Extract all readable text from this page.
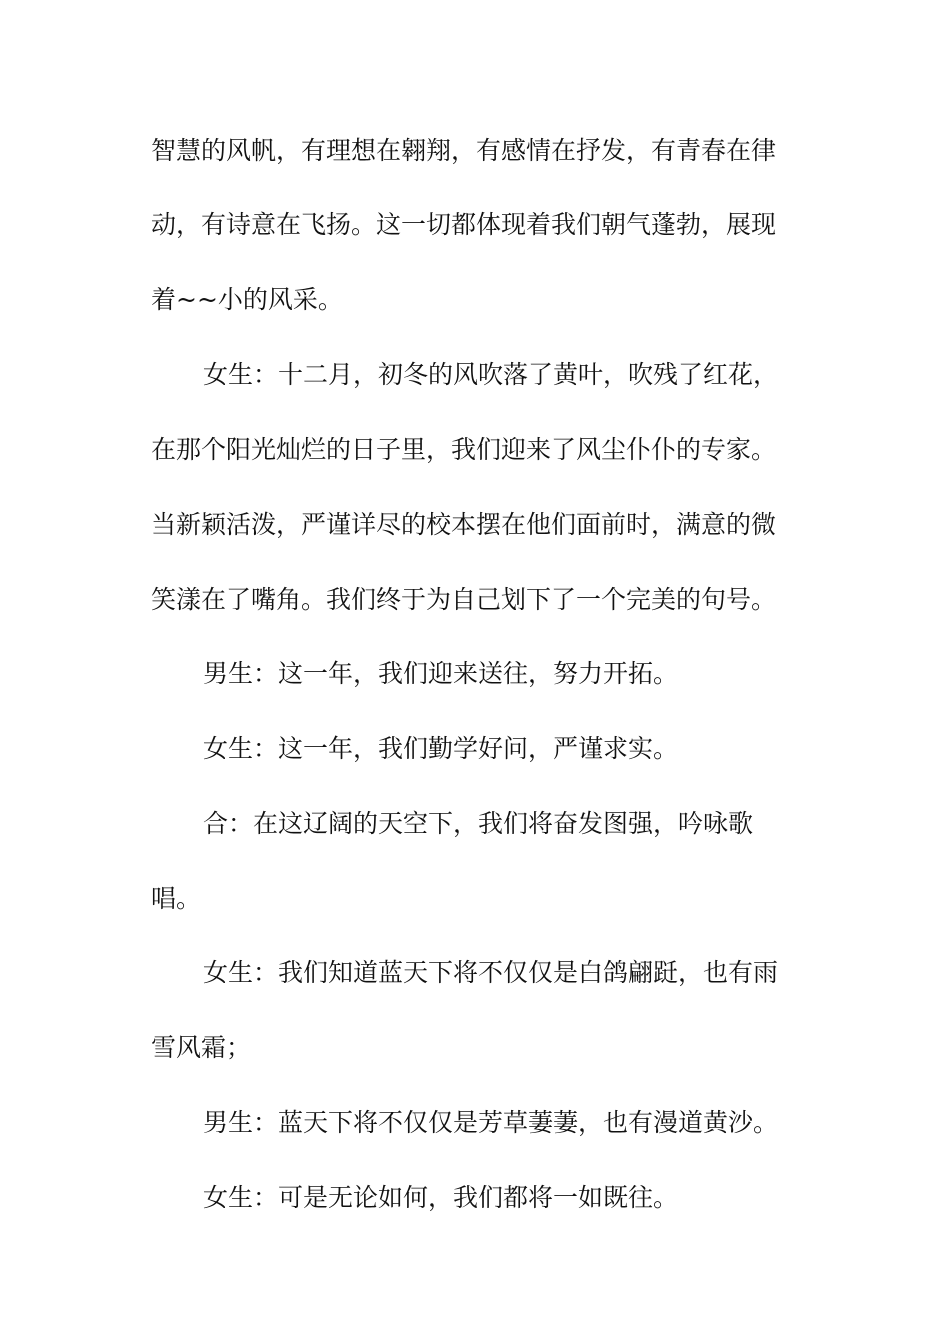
智慧的风帆，有理想在翱翔，有感情在抒发，有青春在律

动，有诗意在飞扬。这一切都体现着我们朝气蓬勃，展现

着~~小的风采。

女生：十二月，初冬的风吹落了黄叶，吹残了红花，

在那个阳光灿烂的日子里，我们迎来了风尘仆仆的专家。

当新颖活泼，严谨详尽的校本摆在他们面前时，满意的微

笑漾在了嘴角。我们终于为自己划下了一个完美的句号。

男生：这一年，我们迎来送往，努力开拓。

女生：这一年，我们勤学好问，严谨求实。

合：在这辽阔的天空下，我们将奋发图强，吟咏歌

唱。

女生：我们知道蓝天下将不仅仅是白鸽翩跹，也有雨

雪风霜；

男生：蓝天下将不仅仅是芳草萋萋，也有漫道黄沙。

女生：可是无论如何，我们都将一如既往。
